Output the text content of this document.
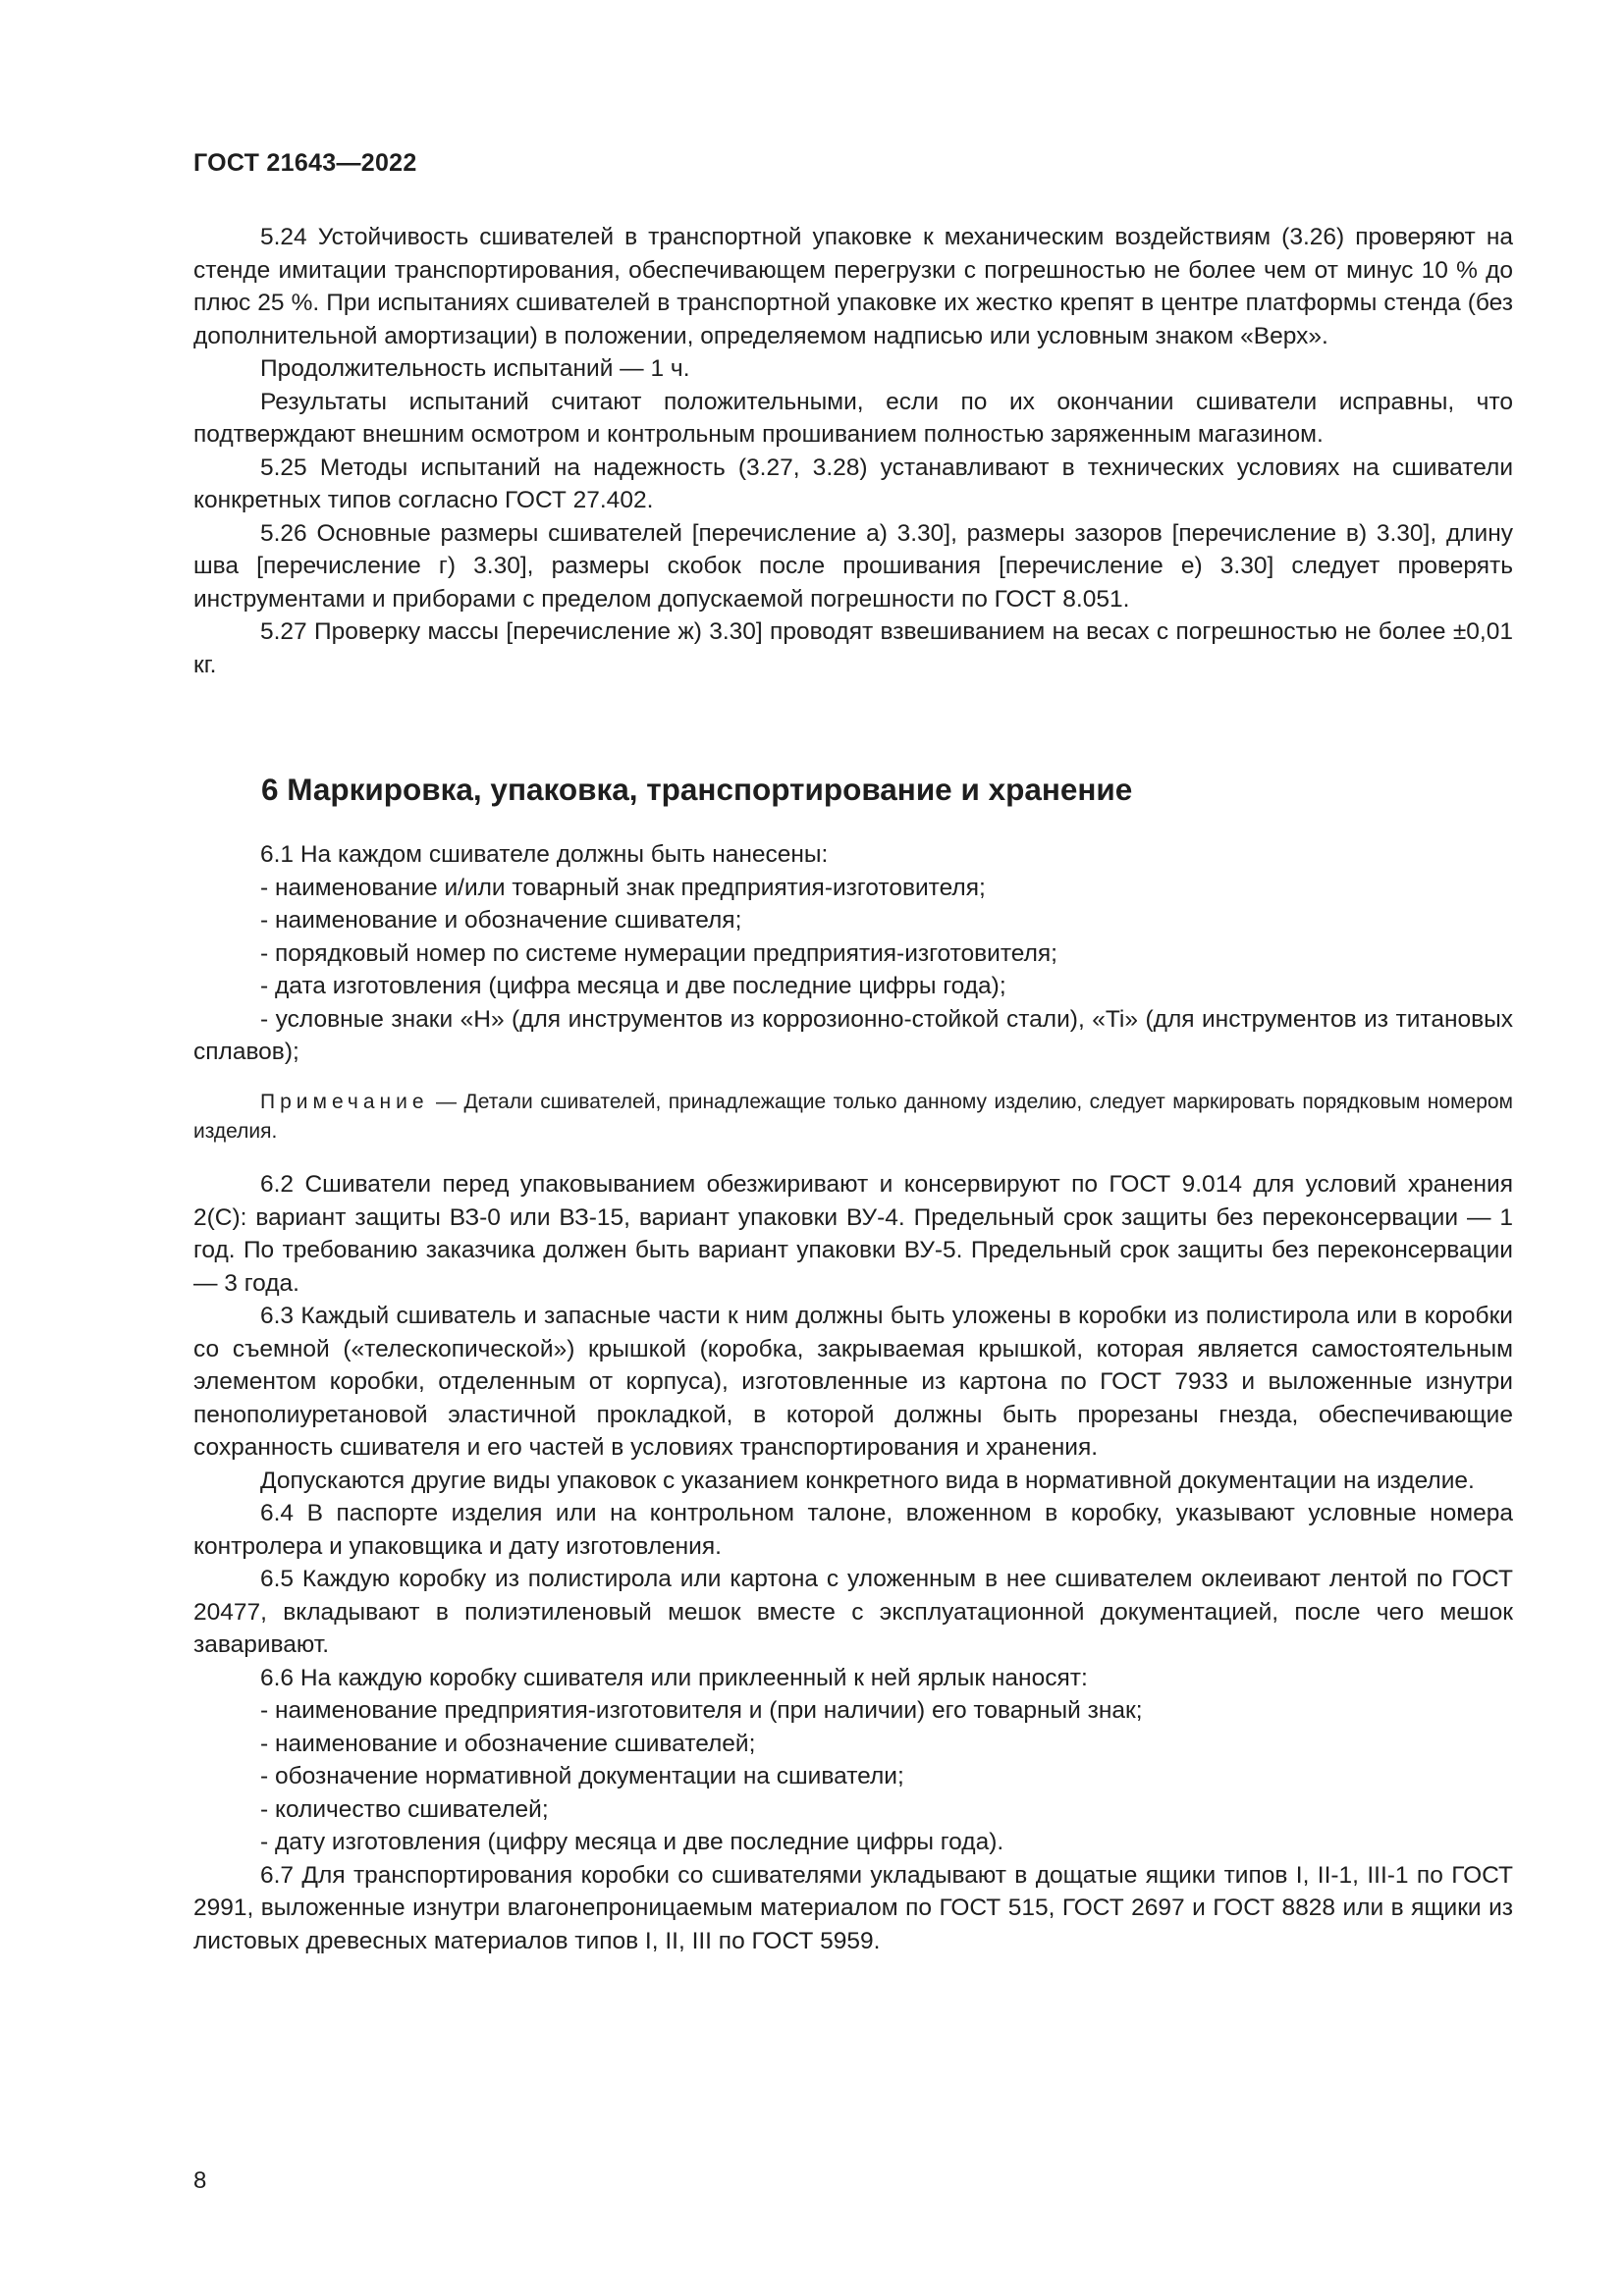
ГОСТ 21643—2022

5.24 Устойчивость сшивателей в транспортной упаковке к механическим воздействиям (3.26) проверяют на стенде имитации транспортирования, обеспечивающем перегрузки с погрешностью не более чем от минус 10 % до плюс 25 %. При испытаниях сшивателей в транспортной упаковке их жестко крепят в центре платформы стенда (без дополнительной амортизации) в положении, определяемом надписью или условным знаком «Верх».

Продолжительность испытаний — 1 ч.

Результаты испытаний считают положительными, если по их окончании сшиватели исправны, что подтверждают внешним осмотром и контрольным прошиванием полностью заряженным магазином.

5.25 Методы испытаний на надежность (3.27, 3.28) устанавливают в технических условиях на сшиватели конкретных типов согласно ГОСТ 27.402.

5.26 Основные размеры сшивателей [перечисление а) 3.30], размеры зазоров [перечисление в) 3.30], длину шва [перечисление г) 3.30], размеры скобок после прошивания [перечисление е) 3.30] следует проверять инструментами и приборами с пределом допускаемой погрешности по ГОСТ 8.051.

5.27 Проверку массы [перечисление ж) 3.30] проводят взвешиванием на весах с погрешностью не более ±0,01 кг.

6 Маркировка, упаковка, транспортирование и хранение

6.1 На каждом сшивателе должны быть нанесены:

- наименование и/или товарный знак предприятия-изготовителя;

- наименование и обозначение сшивателя;

- порядковый номер по системе нумерации предприятия-изготовителя;

- дата изготовления (цифра месяца и две последние цифры года);

- условные знаки «Н» (для инструментов из коррозионно-стойкой стали), «Ti» (для инструментов из титановых сплавов);

Примечание — Детали сшивателей, принадлежащие только данному изделию, следует маркировать порядковым номером изделия.

6.2 Сшиватели перед упаковыванием обезжиривают и консервируют по ГОСТ 9.014 для условий хранения 2(С): вариант защиты ВЗ-0 или ВЗ-15, вариант упаковки ВУ-4. Предельный срок защиты без переконсервации — 1 год. По требованию заказчика должен быть вариант упаковки ВУ-5. Предельный срок защиты без переконсервации — 3 года.

6.3 Каждый сшиватель и запасные части к ним должны быть уложены в коробки из полистирола или в коробки со съемной («телескопической») крышкой (коробка, закрываемая крышкой, которая является самостоятельным элементом коробки, отделенным от корпуса), изготовленные из картона по ГОСТ 7933 и выложенные изнутри пенополиуретановой эластичной прокладкой, в которой должны быть прорезаны гнезда, обеспечивающие сохранность сшивателя и его частей в условиях транспортирования и хранения.

Допускаются другие виды упаковок с указанием конкретного вида в нормативной документации на изделие.

6.4 В паспорте изделия или на контрольном талоне, вложенном в коробку, указывают условные номера контролера и упаковщика и дату изготовления.

6.5 Каждую коробку из полистирола или картона с уложенным в нее сшивателем оклеивают лентой по ГОСТ 20477, вкладывают в полиэтиленовый мешок вместе с эксплуатационной документацией, после чего мешок заваривают.

6.6 На каждую коробку сшивателя или приклеенный к ней ярлык наносят:

- наименование предприятия-изготовителя и (при наличии) его товарный знак;

- наименование и обозначение сшивателей;

- обозначение нормативной документации на сшиватели;

- количество сшивателей;

- дату изготовления (цифру месяца и две последние цифры года).

6.7 Для транспортирования коробки со сшивателями укладывают в дощатые ящики типов I, II-1, III-1 по ГОСТ 2991, выложенные изнутри влагонепроницаемым материалом по ГОСТ 515, ГОСТ 2697 и ГОСТ 8828 или в ящики из листовых древесных материалов типов I, II, III по ГОСТ 5959.

8
